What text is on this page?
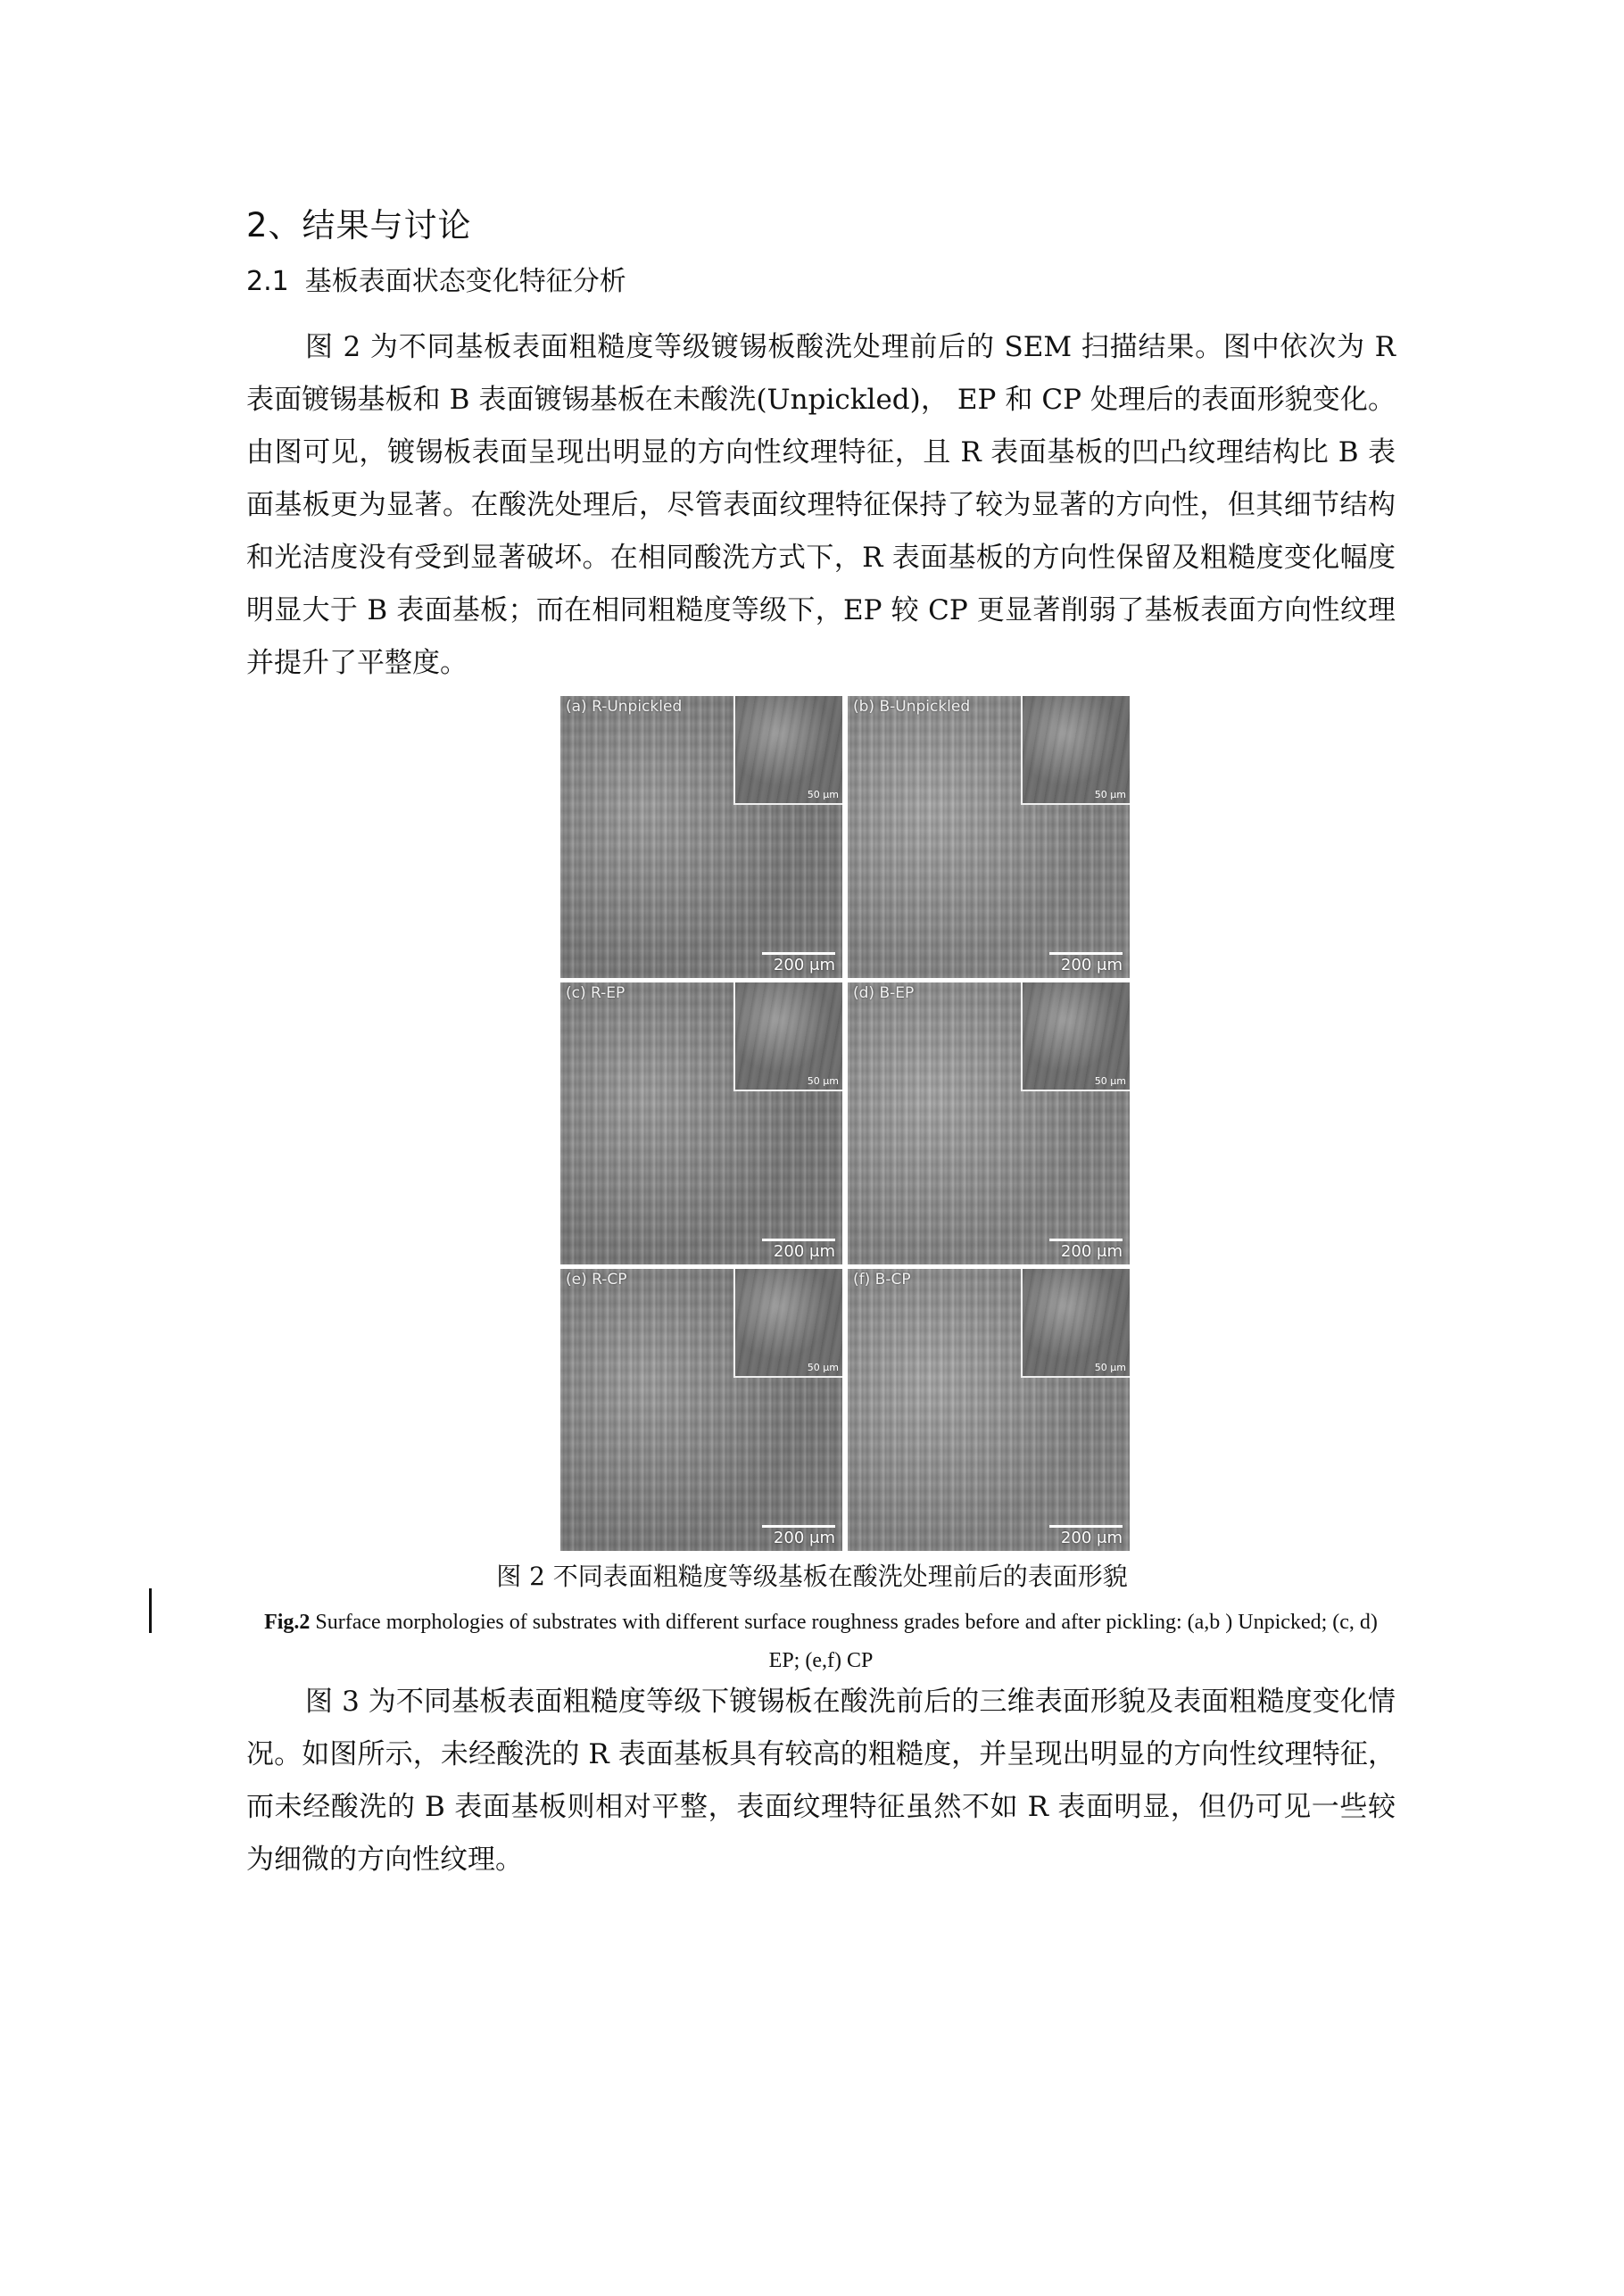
2、结果与讨论
2.1 基板表面状态变化特征分析

图 2 为不同基板表面粗糙度等级镀锡板酸洗处理前后的 SEM 扫描结果。图中依次为 R 表面镀锡基板和 B 表面镀锡基板在未酸洗(Unpickled)， EP 和 CP 处理后的表面形貌变化。由图可见，镀锡板表面呈现出明显的方向性纹理特征，且 R 表面基板的凹凸纹理结构比 B 表面基板更为显著。在酸洗处理后，尽管表面纹理特征保持了较为显著的方向性，但其细节结构和光洁度没有受到显著破坏。在相同酸洗方式下，R 表面基板的方向性保留及粗糙度变化幅度明显大于 B 表面基板；而在相同粗糙度等级下，EP 较 CP 更显著削弱了基板表面方向性纹理并提升了平整度。

50 μm
(a) R-Unpickled
200 μm
50 μm
(b) B-Unpickled
200 μm
50 μm
(c) R-EP
200 μm
50 μm
(d) B-EP
200 μm
50 μm
(e) R-CP
200 μm
50 μm
(f) B-CP
200 μm
图 2 不同表面粗糙度等级基板在酸洗处理前后的表面形貌
Fig.2 Surface morphologies of substrates with different surface roughness grades before and after pickling: (a,b ) Unpicked; (c, d) EP; (e,f) CP

图 3 为不同基板表面粗糙度等级下镀锡板在酸洗前后的三维表面形貌及表面粗糙度变化情况。如图所示，未经酸洗的 R 表面基板具有较高的粗糙度，并呈现出明显的方向性纹理特征，而未经酸洗的 B 表面基板则相对平整，表面纹理特征虽然不如 R 表面明显，但仍可见一些较为细微的方向性纹理。
